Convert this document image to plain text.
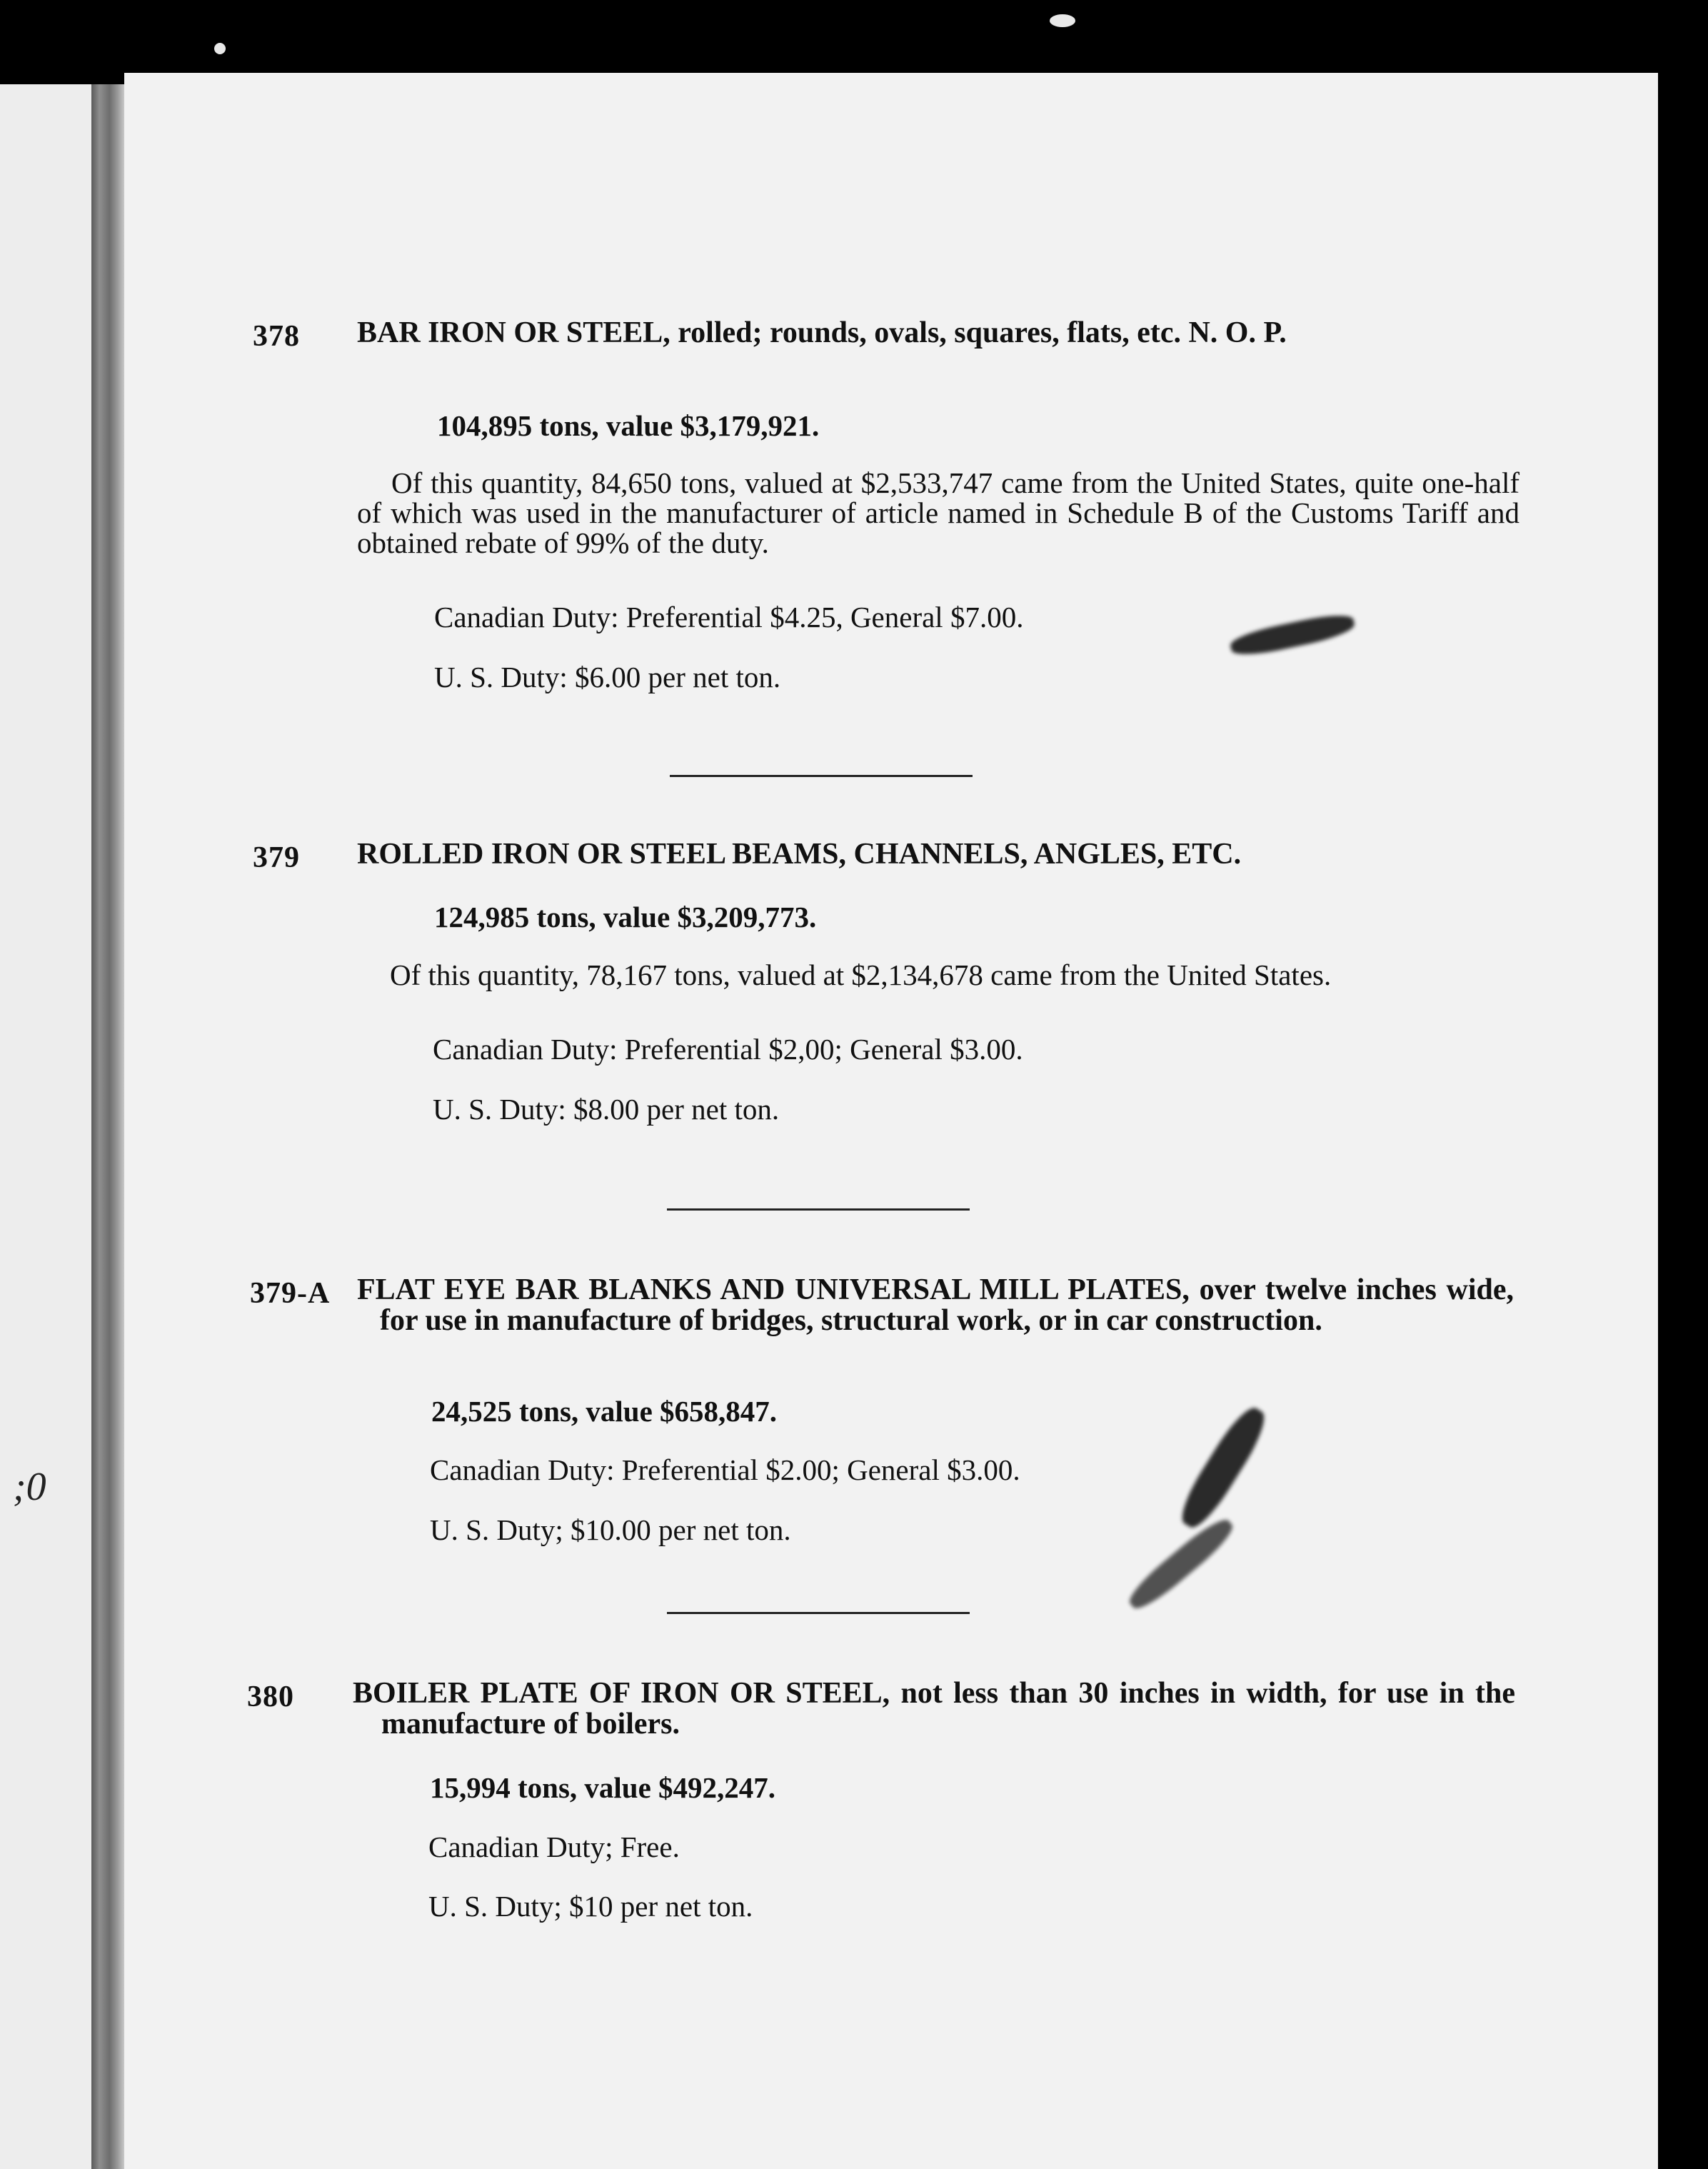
;0
378 BAR IRON OR STEEL, rolled; rounds, ovals, squares, flats, etc. N. O. P.
104,895 tons, value $3,179,921.
Of this quantity, 84,650 tons, valued at $2,533,747 came from the United States, quite one-half of which was used in the manufacturer of article named in Schedule B of the Customs Tariff and obtained rebate of 99% of the duty.
Canadian Duty: Preferential $4.25, General $7.00.
U. S. Duty: $6.00 per net ton.
379 ROLLED IRON OR STEEL BEAMS, CHANNELS, ANGLES, ETC.
124,985 tons, value $3,209,773.
Of this quantity, 78,167 tons, valued at $2,134,678 came from the United States.
Canadian Duty: Preferential $2,00; General $3.00.
U. S. Duty: $8.00 per net ton.
379-A FLAT EYE BAR BLANKS AND UNIVERSAL MILL PLATES, over twelve inches wide, for use in manufacture of bridges, structural work, or in car construction.
24,525 tons, value $658,847.
Canadian Duty: Preferential $2.00; General $3.00.
U. S. Duty; $10.00 per net ton.
380 BOILER PLATE OF IRON OR STEEL, not less than 30 inches in width, for use in the manufacture of boilers.
15,994 tons, value $492,247.
Canadian Duty; Free.
U. S. Duty; $10 per net ton.
